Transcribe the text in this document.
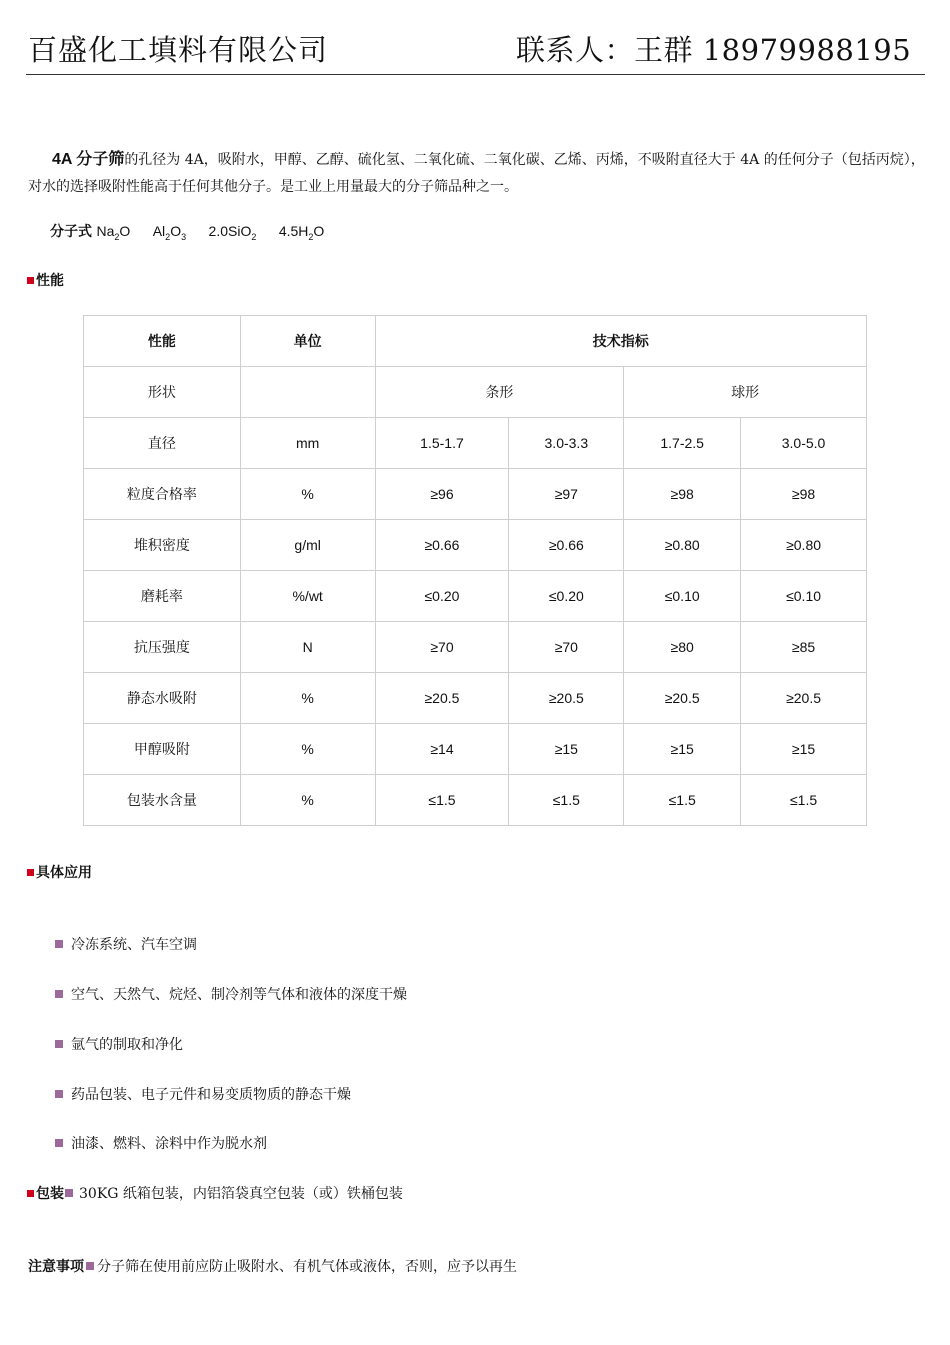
百盛化工填料有限公司	联系人：王群 18979988195
4A 分子筛的孔径为 4A，吸附水，甲醇、乙醇、硫化氢、二氧化硫、二氧化碳、乙烯、丙烯，不吸附直径大于 4A 的任何分子（包括丙烷），对水的选择吸附性能高于任何其他分子。是工业上用量最大的分子筛品种之一。
分子式 $Na_2O$ $Al_2O_3$ 2.0SiO$_2$ $4.5H_2O$
性能
性能	单位	技术指标			
形状		条形		球形	
直径	mm	1.5-1.7	3.0-3.3	1.7-2.5	3.0-5.0
粒度合格率	%	≥96	≥97	≥98	≥98
堆积密度	g/ml	≥0.66	≥0.66	≥0.80	≥0.80
磨耗率	%/wt	≤0.20	≤0.20	≤0.10	≤0.10
抗压强度	N	≥70	≥70	≥80	≥85
静态水吸附	%	≥20.5	≥20.5	≥20.5	≥20.5
甲醇吸附	%	≥14	≥15	≥15	≥15
包装水含量	%	≤1.5	≤1.5	≤1.5	≤1.5
具体应用
冷冻系统、汽车空调
空气、天然气、烷烃、制冷剂等气体和液体的深度干燥
氩气的制取和净化
药品包装、电子元件和易变质物质的静态干燥
油漆、燃料、涂料中作为脱水剂
包装 30KG 纸箱包装，内铝箔袋真空包装（或）铁桶包装
注意事项 分子筛在使用前应防止吸附水、有机气体或液体，否则，应予以再生
